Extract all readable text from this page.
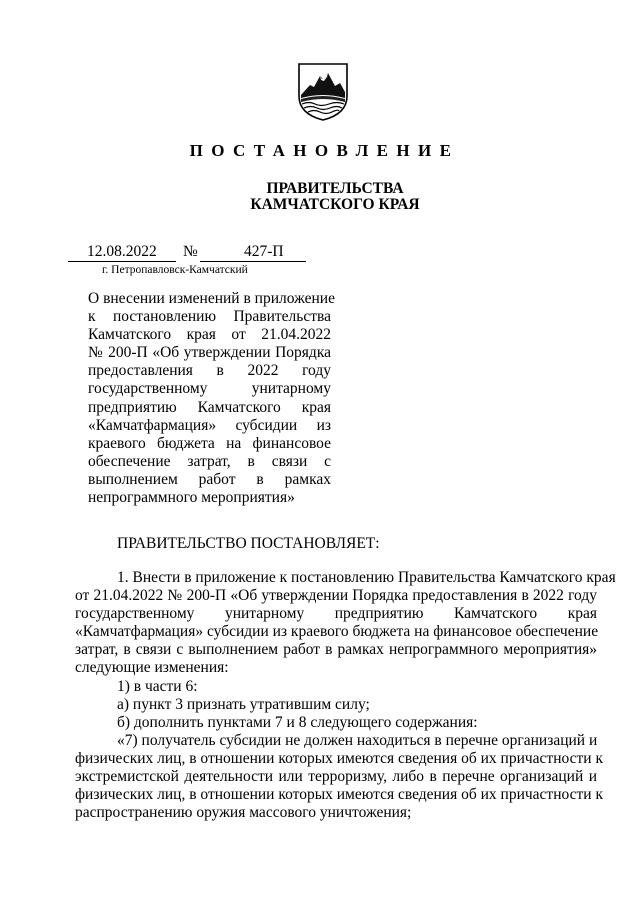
ПОСТАНОВЛЕНИЕ
ПРАВИТЕЛЬСТВА
КАМЧАТСКОГО КРАЯ
12.08.2022 №	427-П
г. Петропавловск-Камчатский
О внесении изменений в приложение
к постановлению Правительства
Камчатского края от 21.04.2022
№ 200-П «Об утверждении Порядка
предоставления в 2022 году
государственному унитарному
предприятию Камчатского края
«Камчатфармация» субсидии из
краевого бюджета на финансовое
обеспечение затрат, в связи с
выполнением работ в рамках
непрограммного мероприятия»
ПРАВИТЕЛЬСТВО ПОСТАНОВЛЯЕТ:
1. Внести в приложение к постановлению Правительства Камчатского края
от 21.04.2022 № 200-П «Об утверждении Порядка предоставления в 2022 году
государственному унитарному предприятию Камчатского края
«Камчатфармация» субсидии из краевого бюджета на финансовое обеспечение
затрат, в связи с выполнением работ в рамках непрограммного мероприятия»
следующие изменения:
1) в части 6:
а) пункт 3 признать утратившим силу;
б) дополнить пунктами 7 и 8 следующего содержания:
«7) получатель субсидии не должен находиться в перечне организаций и
физических лиц, в отношении которых имеются сведения об их причастности к
экстремистской деятельности или терроризму, либо в перечне организаций и
физических лиц, в отношении которых имеются сведения об их причастности к
распространению оружия массового уничтожения;
